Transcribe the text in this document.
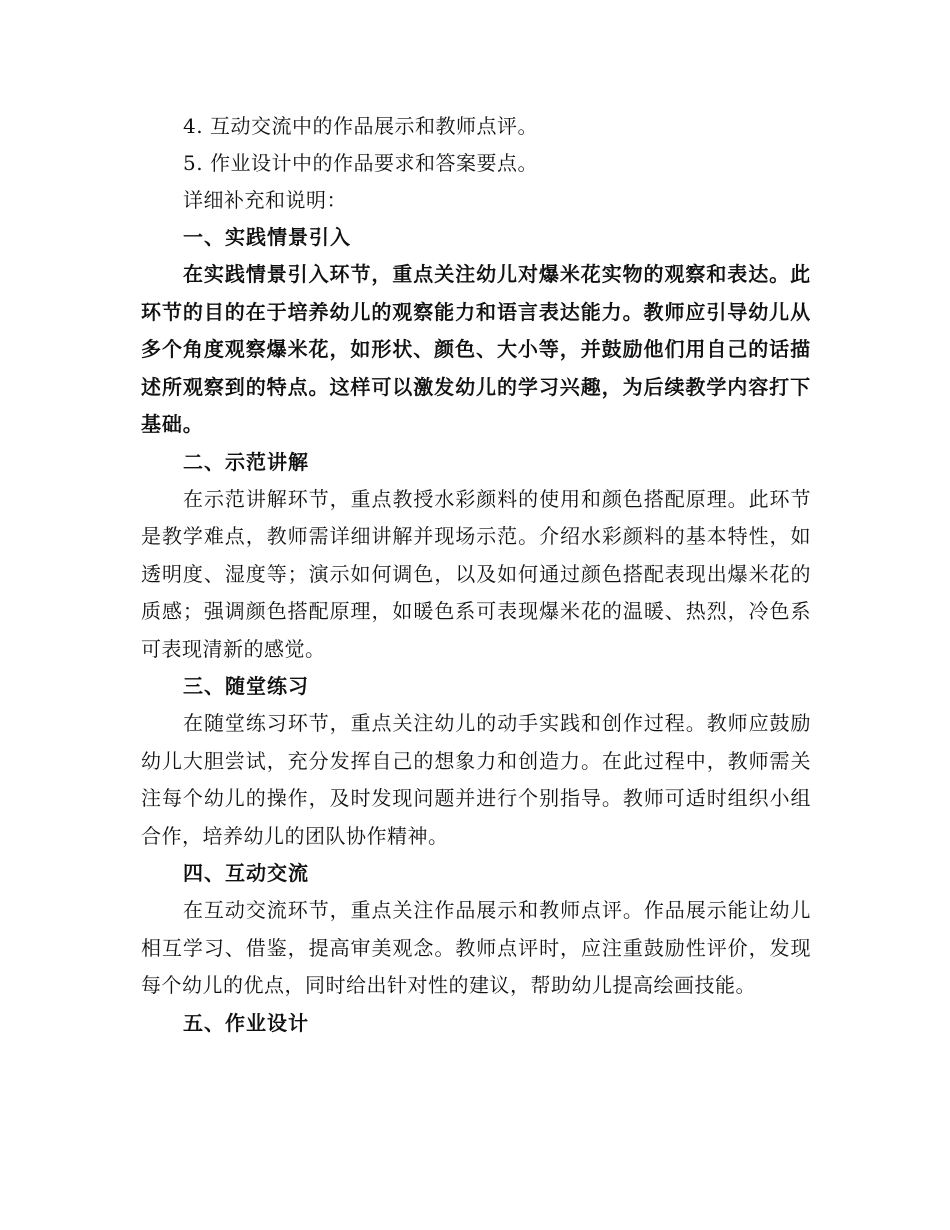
4. 互动交流中的作品展示和教师点评。
5. 作业设计中的作品要求和答案要点。
详细补充和说明：
一、实践情景引入

在实践情景引入环节，重点关注幼儿对爆米花实物的观察和表达。此环节的目的在于培养幼儿的观察能力和语言表达能力。教师应引导幼儿从多个角度观察爆米花，如形状、颜色、大小等，并鼓励他们用自己的话描述所观察到的特点。这样可以激发幼儿的学习兴趣，为后续教学内容打下基础。

二、示范讲解

在示范讲解环节，重点教授水彩颜料的使用和颜色搭配原理。此环节是教学难点，教师需详细讲解并现场示范。介绍水彩颜料的基本特性，如透明度、湿度等；演示如何调色，以及如何通过颜色搭配表现出爆米花的质感；强调颜色搭配原理，如暖色系可表现爆米花的温暖、热烈，冷色系可表现清新的感觉。

三、随堂练习

在随堂练习环节，重点关注幼儿的动手实践和创作过程。教师应鼓励幼儿大胆尝试，充分发挥自己的想象力和创造力。在此过程中，教师需关注每个幼儿的操作，及时发现问题并进行个别指导。教师可适时组织小组合作，培养幼儿的团队协作精神。

四、互动交流

在互动交流环节，重点关注作品展示和教师点评。作品展示能让幼儿相互学习、借鉴，提高审美观念。教师点评时，应注重鼓励性评价，发现每个幼儿的优点，同时给出针对性的建议，帮助幼儿提高绘画技能。

五、作业设计
